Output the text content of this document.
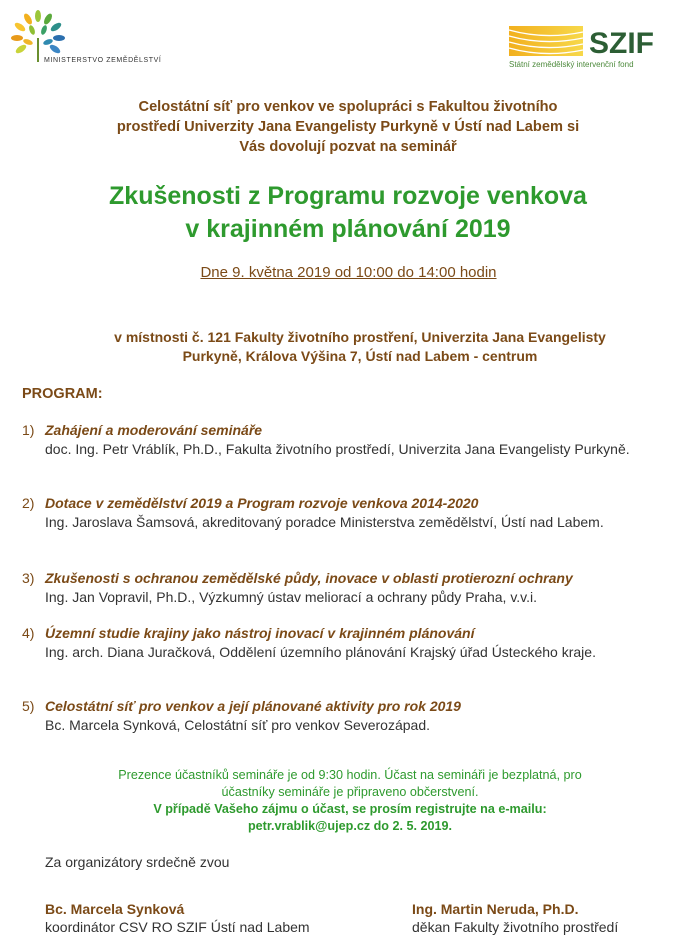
MINISTERSTVO ZEMĚDĚLSTVÍ
SZIF
Státní zemědělský intervenční fond
Celostátní síť pro venkov ve spolupráci s Fakultou životního
prostředí Univerzity Jana Evangelisty Purkyně v Ústí nad Labem si
Vás dovolují pozvat na seminář
Zkušenosti z Programu rozvoje venkova
v krajinném plánování 2019
Dne 9. května 2019 od 10:00 do 14:00 hodin
v místnosti č. 121 Fakulty životního prostření, Univerzita Jana Evangelisty
Purkyně, Králova Výšina 7, Ústí nad Labem - centrum
PROGRAM:
1) Zahájení a moderování semináře
doc. Ing. Petr Vráblík, Ph.D., Fakulta životního prostředí, Univerzita Jana Evangelisty Purkyně.
2) Dotace v zemědělství 2019 a Program rozvoje venkova 2014-2020
Ing. Jaroslava Šamsová, akreditovaný poradce Ministerstva zemědělství, Ústí nad Labem.
3) Zkušenosti s ochranou zemědělské půdy, inovace v oblasti protierozní ochrany
Ing. Jan Vopravil, Ph.D., Výzkumný ústav meliorací a ochrany půdy Praha, v.v.i.
4) Územní studie krajiny jako nástroj inovací v krajinném plánování
Ing. arch. Diana Juračková, Oddělení územního plánování Krajský úřad Ústeckého kraje.
5) Celostátní síť pro venkov a její plánované aktivity pro rok 2019
Bc. Marcela Synková, Celostátní síť pro venkov Severozápad.
Prezence účastníků semináře je od 9:30 hodin. Účast na semináři je bezplatná, pro
účastníky semináře je připraveno občerstvení.
V případě Vašeho zájmu o účast, se prosím registrujte na e-mailu:
petr.vrablik@ujep.cz do 2. 5. 2019.
Za organizátory srdečně zvou
Bc. Marcela Synková
koordinátor CSV RO SZIF Ústí nad Labem
Ing. Martin Neruda, Ph.D.
děkan Fakulty životního prostředí
